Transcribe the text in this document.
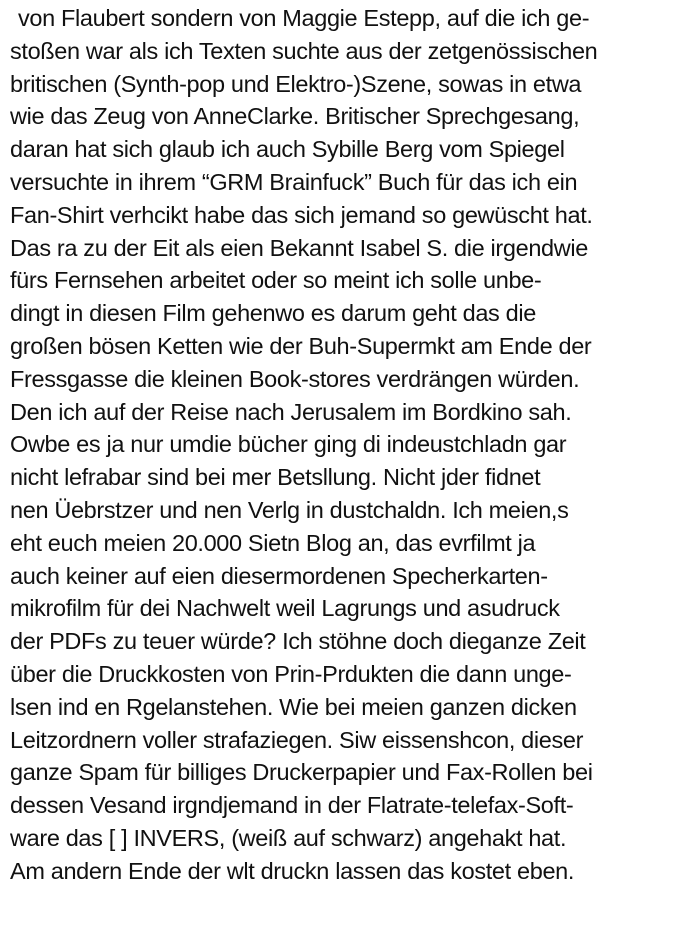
von Flaubert sondern von Maggie Estepp, auf die ich ge-
stoßen war als ich Texten suchte aus der zetgenössischen
britischen (Synth-pop und Elektro-)Szene, sowas in etwa
wie das Zeug von AnneClarke. Britischer Sprechgesang,
daran hat sich glaub ich auch Sybille Berg vom Spiegel
versuchte in ihrem “GRM Brainfuck” Buch für das ich ein
Fan-Shirt verhcikt habe das sich jemand so gewüscht hat.
Das ra zu der Eit als eien Bekannt Isabel S. die irgendwie
fürs Fernsehen arbeitet oder so meint ich solle unbe-
dingt in diesen Film gehenwo es darum geht das die
großen bösen Ketten wie der Buh-Supermkt am Ende der
Fressgasse die kleinen Book-stores verdrängen würden.
Den ich auf der Reise nach Jerusalem im Bordkino sah.
Owbe es ja nur umdie bücher ging di indeustchladn gar
nicht lefrabar sind bei mer Betsllung. Nicht jder fidnet
nen Üebrstzer und nen Verlg in dustchaldn. Ich meien,s
eht euch meien 20.000 Sietn Blog an, das evrfilmt ja
auch keiner auf eien diesermordenen Specherkarten-
mikrofilm für dei Nachwelt weil Lagrungs und asudruck
der PDFs zu teuer würde? Ich stöhne doch dieganze Zeit
über die Druckkosten von Prin-Prdukten die dann unge-
lsen ind en Rgelanstehen. Wie bei meien ganzen dicken
Leitzordnern voller strafaziegen. Siw eissenshcon, dieser
ganze Spam für billiges Druckerpapier und Fax-Rollen bei
dessen Vesand irgndjemand in der Flatrate-telefax-Soft-
ware das [ ] INVERS, (weiß auf schwarz) angehakt hat.
Am andern Ende der wlt druckn lassen das kostet eben.
